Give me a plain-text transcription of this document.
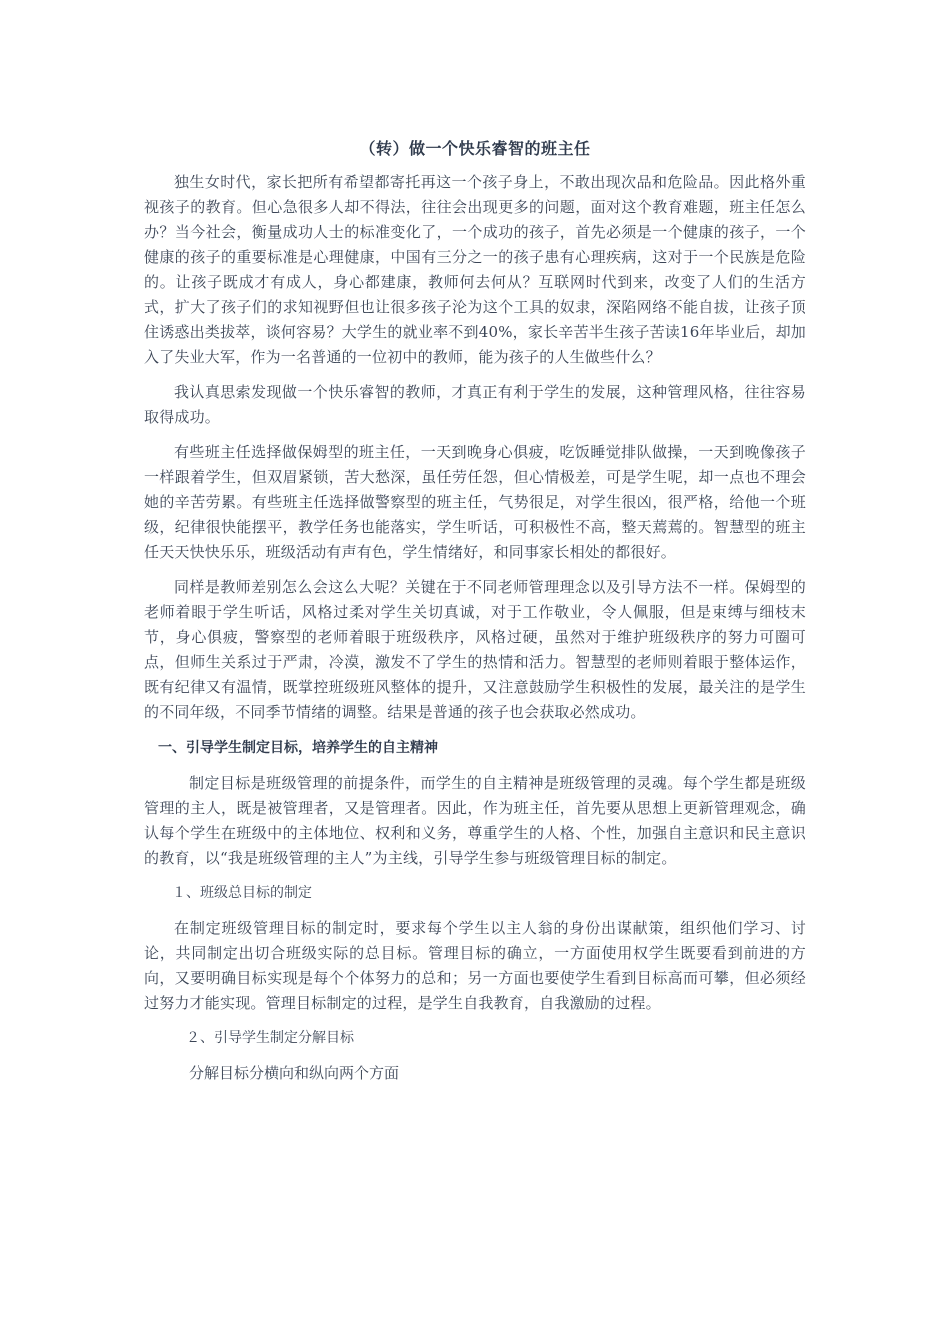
（转）做一个快乐睿智的班主任

独生女时代，家长把所有希望都寄托再这一个孩子身上，不敢出现次品和危险品。因此格外重视孩子的教育。但心急很多人却不得法，往往会出现更多的问题，面对这个教育难题，班主任怎么办？当今社会，衡量成功人士的标准变化了，一个成功的孩子，首先必须是一个健康的孩子，一个健康的孩子的重要标准是心理健康，中国有三分之一的孩子患有心理疾病，这对于一个民族是危险的。让孩子既成才有成人，身心都建康，教师何去何从？互联网时代到来，改变了人们的生活方式，扩大了孩子们的求知视野但也让很多孩子沦为这个工具的奴隶，深陷网络不能自拔，让孩子顶住诱惑出类拔萃，谈何容易？大学生的就业率不到40%，家长辛苦半生孩子苦读16年毕业后，却加入了失业大军，作为一名普通的一位初中的教师，能为孩子的人生做些什么？

我认真思索发现做一个快乐睿智的教师，才真正有利于学生的发展，这种管理风格，往往容易取得成功。

有些班主任选择做保姆型的班主任，一天到晚身心俱疲，吃饭睡觉排队做操，一天到晚像孩子一样跟着学生，但双眉紧锁，苦大愁深，虽任劳任怨，但心情极差，可是学生呢，却一点也不理会她的辛苦劳累。有些班主任选择做警察型的班主任，气势很足，对学生很凶，很严格，给他一个班级，纪律很快能摆平，教学任务也能落实，学生听话，可积极性不高，整天蔫蔫的。智慧型的班主任天天快快乐乐，班级活动有声有色，学生情绪好，和同事家长相处的都很好。

同样是教师差别怎么会这么大呢？关键在于不同老师管理理念以及引导方法不一样。保姆型的老师着眼于学生听话，风格过柔对学生关切真诚，对于工作敬业，令人佩服，但是束缚与细枝末节，身心俱疲，警察型的老师着眼于班级秩序，风格过硬，虽然对于维护班级秩序的努力可圈可点，但师生关系过于严肃，冷漠，激发不了学生的热情和活力。智慧型的老师则着眼于整体运作，既有纪律又有温情，既掌控班级班风整体的提升，又注意鼓励学生积极性的发展，最关注的是学生的不同年级，不同季节情绪的调整。结果是普通的孩子也会获取必然成功。

一、引导学生制定目标，培养学生的自主精神

制定目标是班级管理的前提条件，而学生的自主精神是班级管理的灵魂。每个学生都是班级管理的主人，既是被管理者，又是管理者。因此，作为班主任，首先要从思想上更新管理观念，确认每个学生在班级中的主体地位、权利和义务，尊重学生的人格、个性，加强自主意识和民主意识的教育，以“我是班级管理的主人”为主线，引导学生参与班级管理目标的制定。

１、班级总目标的制定

在制定班级管理目标的制定时，要求每个学生以主人翁的身份出谋献策，组织他们学习、讨论，共同制定出切合班级实际的总目标。管理目标的确立，一方面使用权学生既要看到前进的方向，又要明确目标实现是每个个体努力的总和；另一方面也要使学生看到目标高而可攀，但必须经过努力才能实现。管理目标制定的过程，是学生自我教育，自我激励的过程。

２、引导学生制定分解目标

分解目标分横向和纵向两个方面
